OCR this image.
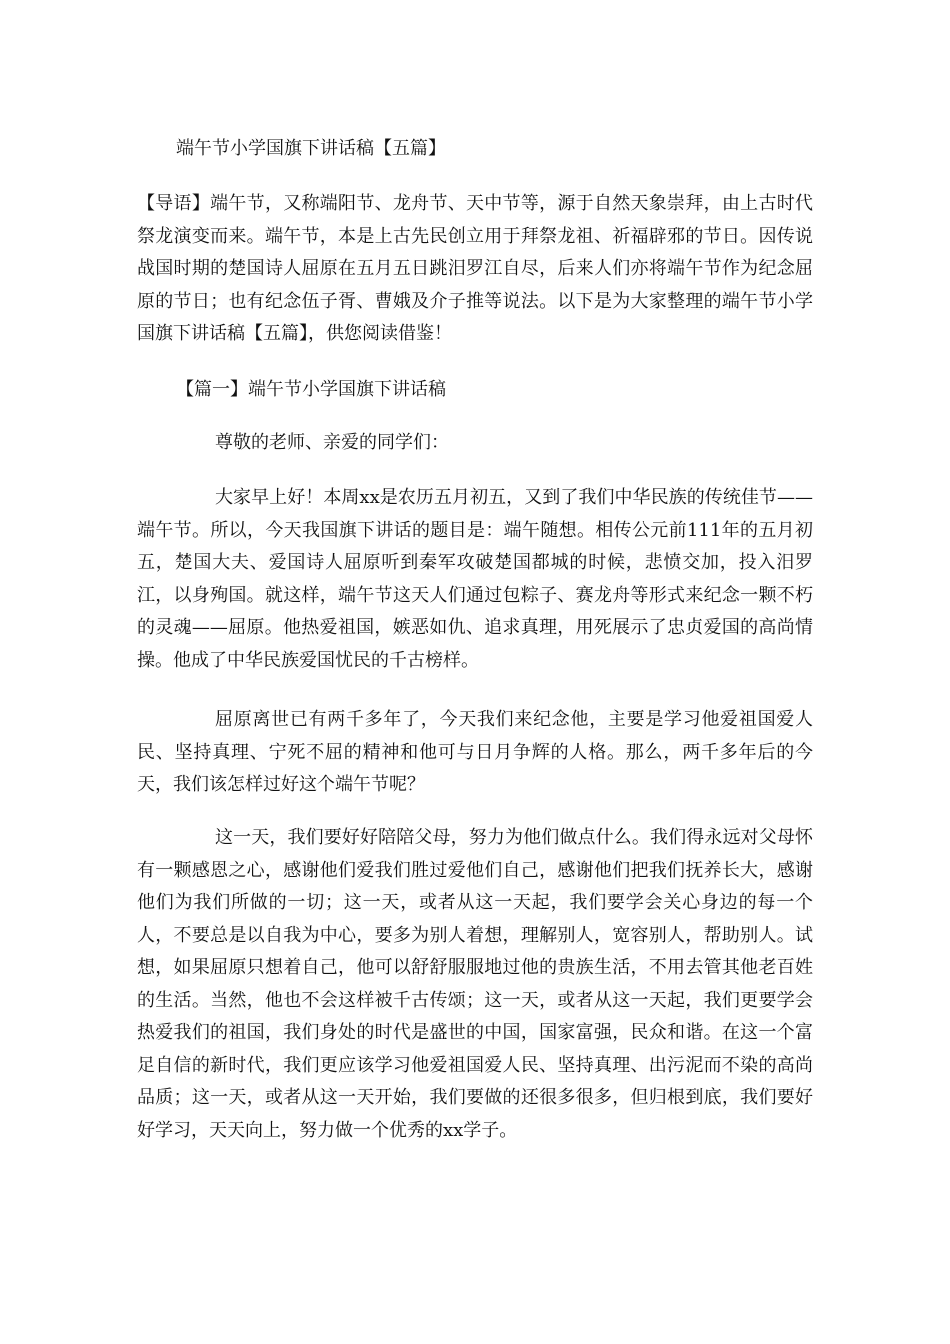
端午节小学国旗下讲话稿【五篇】
【导语】端午节，又称端阳节、龙舟节、天中节等，源于自然天象崇拜，由上古时代祭龙演变而来。端午节，本是上古先民创立用于拜祭龙祖、祈福辟邪的节日。因传说战国时期的楚国诗人屈原在五月五日跳汨罗江自尽，后来人们亦将端午节作为纪念屈原的节日；也有纪念伍子胥、曹娥及介子推等说法。以下是为大家整理的端午节小学国旗下讲话稿【五篇】，供您阅读借鉴！
【篇一】端午节小学国旗下讲话稿
尊敬的老师、亲爱的同学们：
大家早上好！本周xx是农历五月初五，又到了我们中华民族的传统佳节——端午节。所以，今天我国旗下讲话的题目是：端午随想。相传公元前111年的五月初五，楚国大夫、爱国诗人屈原听到秦军攻破楚国都城的时候，悲愤交加，投入汨罗江，以身殉国。就这样，端午节这天人们通过包粽子、赛龙舟等形式来纪念一颗不朽的灵魂——屈原。他热爱祖国，嫉恶如仇、追求真理，用死展示了忠贞爱国的高尚情操。他成了中华民族爱国忧民的千古榜样。
屈原离世已有两千多年了，今天我们来纪念他，主要是学习他爱祖国爱人民、坚持真理、宁死不屈的精神和他可与日月争辉的人格。那么，两千多年后的今天，我们该怎样过好这个端午节呢？
这一天，我们要好好陪陪父母，努力为他们做点什么。我们得永远对父母怀有一颗感恩之心，感谢他们爱我们胜过爱他们自己，感谢他们把我们抚养长大，感谢他们为我们所做的一切；这一天，或者从这一天起，我们要学会关心身边的每一个人，不要总是以自我为中心，要多为别人着想，理解别人，宽容别人，帮助别人。试想，如果屈原只想着自己，他可以舒舒服服地过他的贵族生活，不用去管其他老百姓的生活。当然，他也不会这样被千古传颂；这一天，或者从这一天起，我们更要学会热爱我们的祖国，我们身处的时代是盛世的中国，国家富强，民众和谐。在这一个富足自信的新时代，我们更应该学习他爱祖国爱人民、坚持真理、出污泥而不染的高尚品质；这一天，或者从这一天开始，我们要做的还很多很多，但归根到底，我们要好好学习，天天向上，努力做一个优秀的xx学子。
